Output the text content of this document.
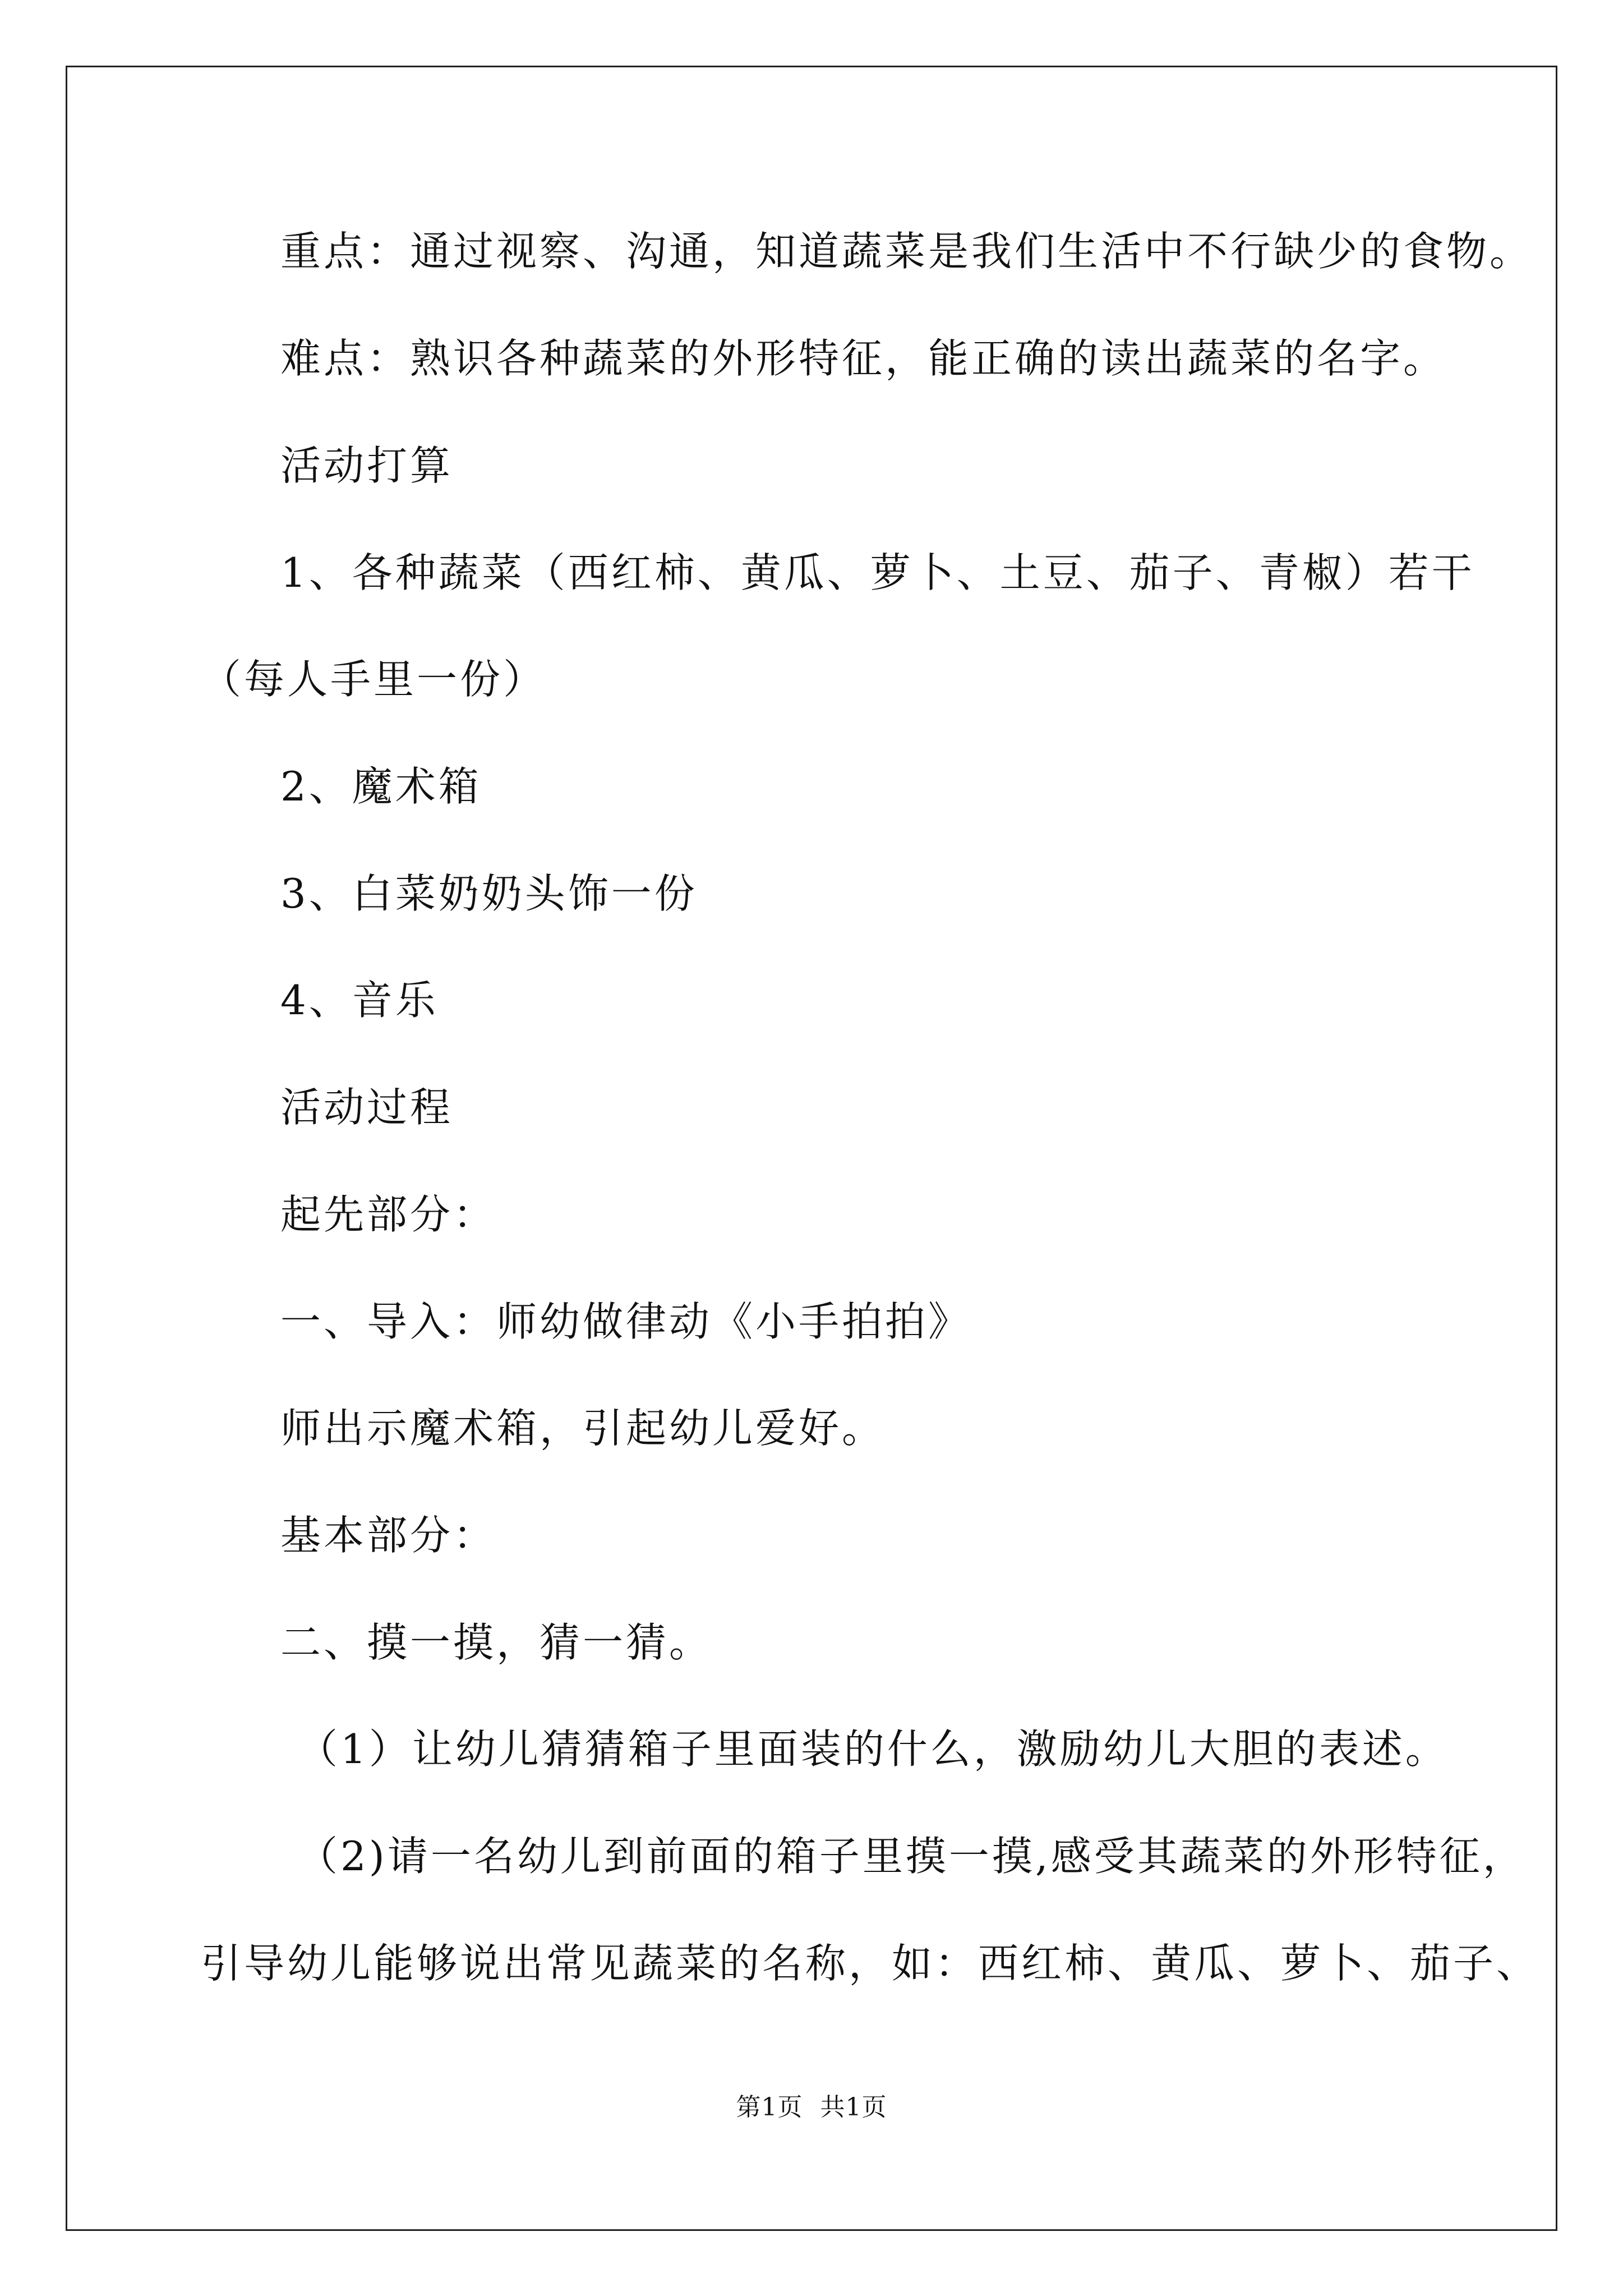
重点：通过视察、沟通，知道蔬菜是我们生活中不行缺少的食物。
难点：熟识各种蔬菜的外形特征，能正确的读出蔬菜的名字。
活动打算
1、各种蔬菜（西红柿、黄瓜、萝卜、土豆、茄子、青椒）若干
（每人手里一份）
2、魔术箱
3、白菜奶奶头饰一份
4、音乐
活动过程
起先部分：
一、导入：师幼做律动《小手拍拍》
师出示魔术箱，引起幼儿爱好。
基本部分：
二、摸一摸，猜一猜。
（1）让幼儿猜猜箱子里面装的什么，激励幼儿大胆的表述。
（2)请一名幼儿到前面的箱子里摸一摸,感受其蔬菜的外形特征，
引导幼儿能够说出常见蔬菜的名称，如：西红柿、黄瓜、萝卜、茄子、
第1页 共1页
